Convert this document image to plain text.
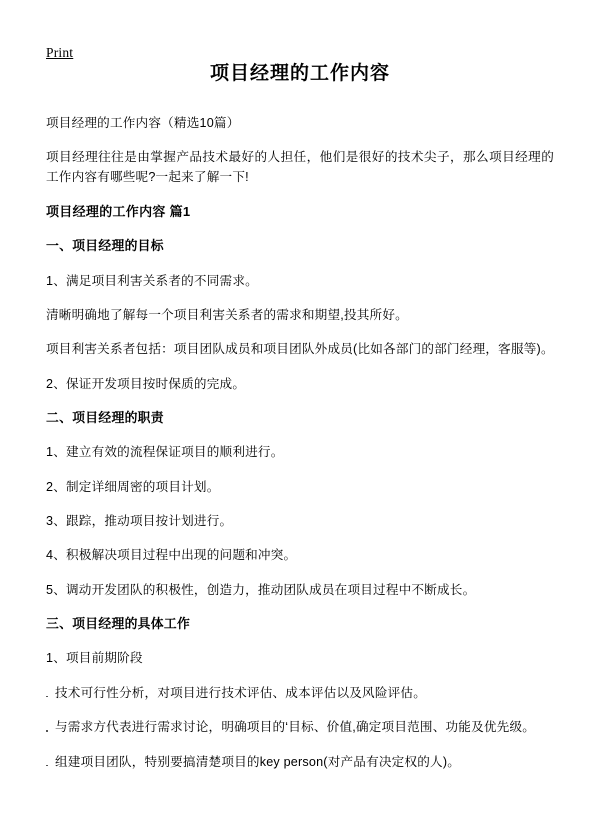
Print
项目经理的工作内容

项目经理的工作内容（精选10篇）

项目经理往往是由掌握产品技术最好的人担任，他们是很好的技术尖子，那么项目经理的工作内容有哪些呢?一起来了解一下!

项目经理的工作内容 篇1
一、项目经理的目标

1、满足项目利害关系者的不同需求。

清晰明确地了解每一个项目利害关系者的需求和期望,投其所好。

项目利害关系者包括：项目团队成员和项目团队外成员(比如各部门的部门经理，客服等)。

2、保证开发项目按时保质的完成。

二、项目经理的职责

1、建立有效的流程保证项目的顺利进行。

2、制定详细周密的项目计划。

3、跟踪，推动项目按计划进行。

4、积极解决项目过程中出现的问题和冲突。

5、调动开发团队的积极性，创造力，推动团队成员在项目过程中不断成长。

三、项目经理的具体工作

1、项目前期阶段

技术可行性分析，对项目进行技术评估、成本评估以及风险评估。

与需求方代表进行需求讨论，明确项目的‘目标、价值,确定项目范围、功能及优先级。

组建项目团队，特别要搞清楚项目的key person(对产品有决定权的人)。
